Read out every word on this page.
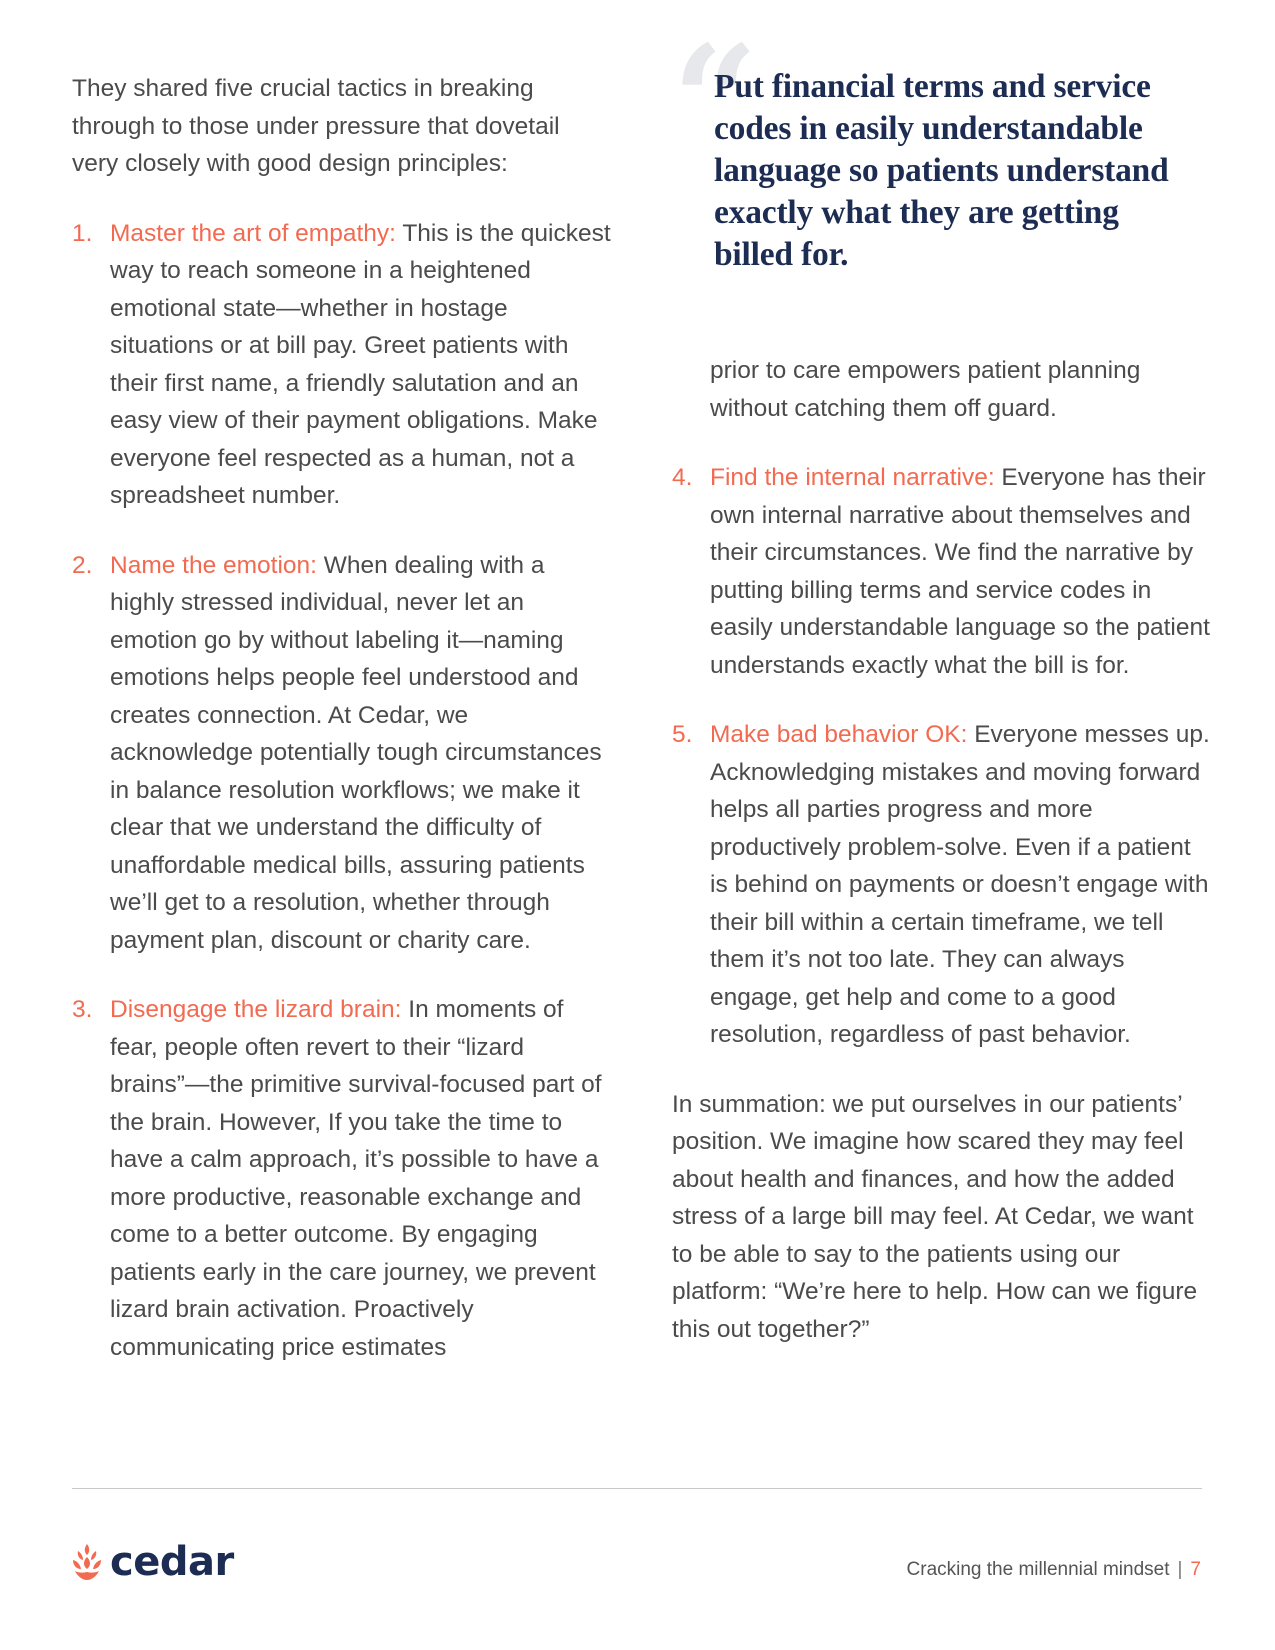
They shared five crucial tactics in breaking through to those under pressure that dovetail very closely with good design principles:

1. Master the art of empathy: This is the quickest way to reach someone in a heightened emotional state—whether in hostage situations or at bill pay. Greet patients with their first name, a friendly salutation and an easy view of their payment obligations. Make everyone feel respected as a human, not a spreadsheet number.
2. Name the emotion: When dealing with a highly stressed individual, never let an emotion go by without labeling it—naming emotions helps people feel understood and creates connection. At Cedar, we acknowledge potentially tough circumstances in balance resolution workflows; we make it clear that we understand the difficulty of unaffordable medical bills, assuring patients we’ll get to a resolution, whether through payment plan, discount or charity care.
3. Disengage the lizard brain: In moments of fear, people often revert to their “lizard brains”—the primitive survival-focused part of the brain. However, If you take the time to have a calm approach, it’s possible to have a more productive, reasonable exchange and come to a better outcome. By engaging patients early in the care journey, we prevent lizard brain activation. Proactively communicating price estimates
“
Put financial terms and service codes in easily understandable language so patients understand exactly what they are getting billed for.

prior to care empowers patient planning without catching them off guard.

4. Find the internal narrative: Everyone has their own internal narrative about themselves and their circumstances. We find the narrative by putting billing terms and service codes in easily understandable language so the patient understands exactly what the bill is for.
5. Make bad behavior OK: Everyone messes up. Acknowledging mistakes and moving forward helps all parties progress and more productively problem-solve. Even if a patient is behind on payments or doesn’t engage with their bill within a certain timeframe, we tell them it’s not too late. They can always engage, get help and come to a good resolution, regardless of past behavior.

In summation: we put ourselves in our patients’ position. We imagine how scared they may feel about health and finances, and how the added stress of a large bill may feel. At Cedar, we want to be able to say to the patients using our platform: “We’re here to help. How can we figure this out together?”

cedar	Cracking the millennial mindset | 7
